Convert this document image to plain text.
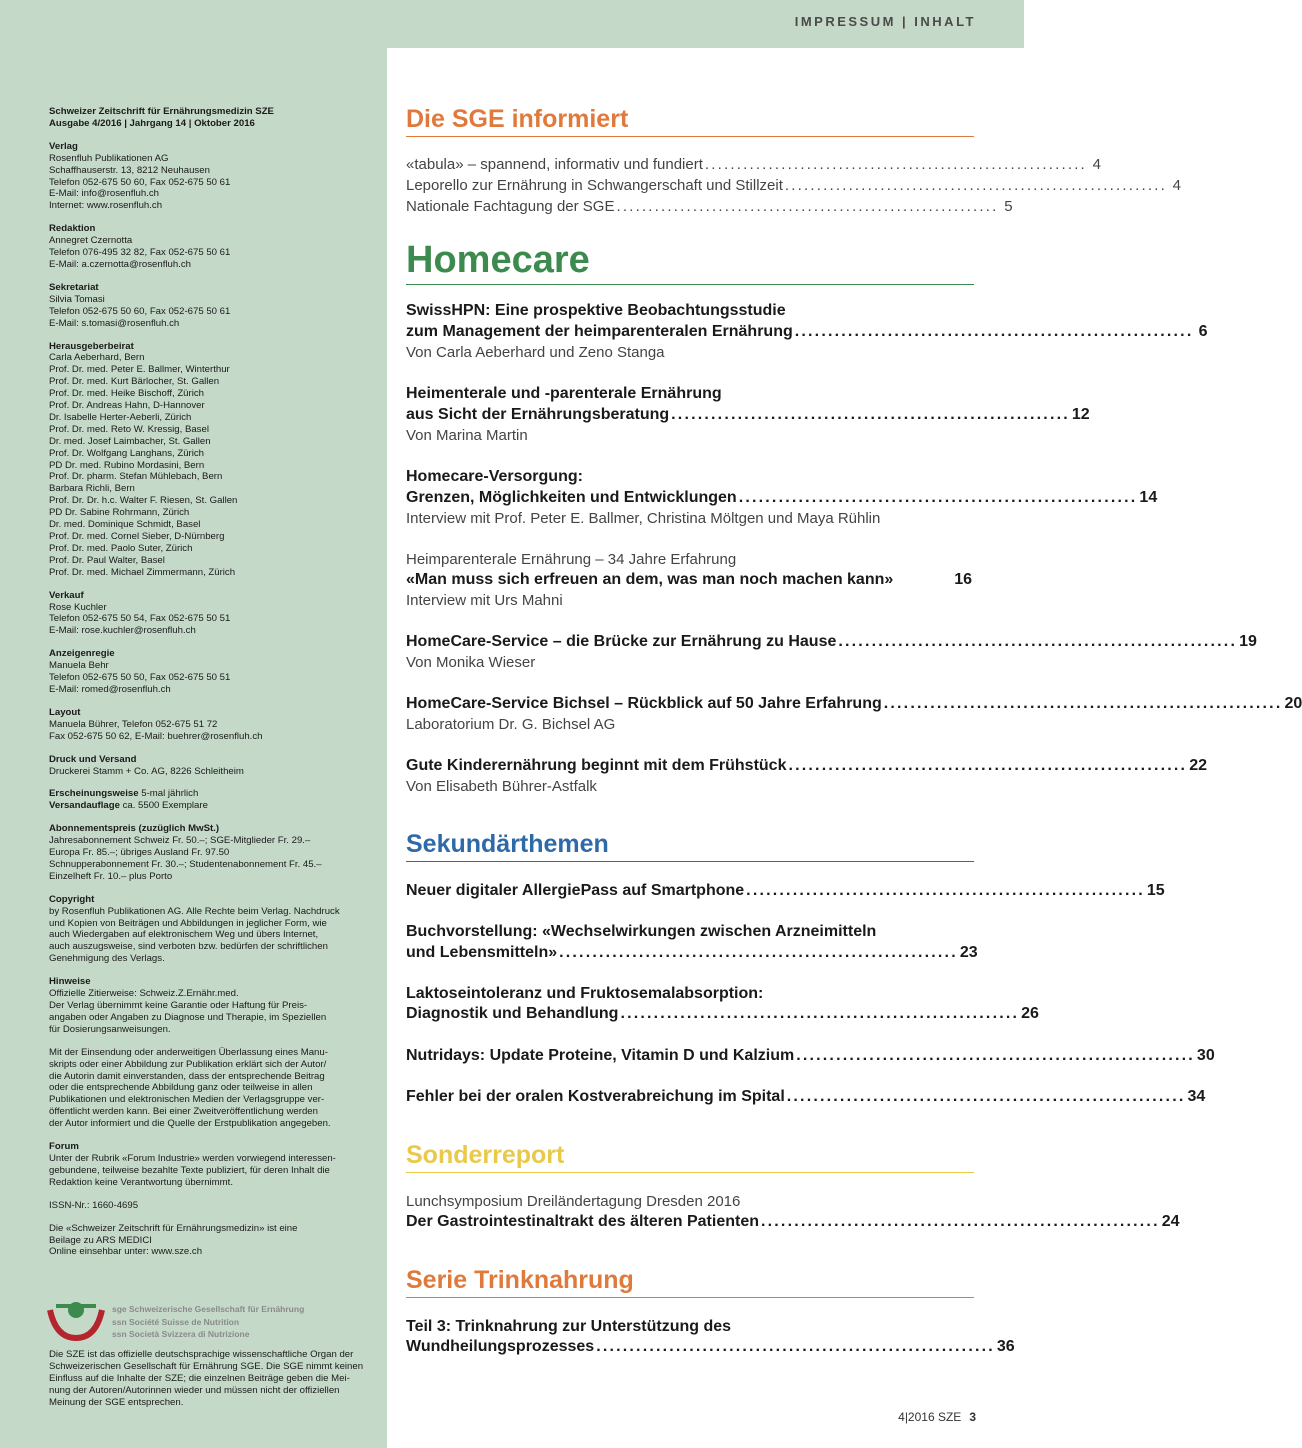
IMPRESSUM | INHALT
Schweizer Zeitschrift für Ernährungsmedizin SZE
Ausgabe 4/2016 | Jahrgang 14 | Oktober 2016
Verlag
Rosenfluh Publikationen AG
Schaffhauserstr. 13, 8212 Neuhausen
Telefon 052-675 50 60, Fax 052-675 50 61
E-Mail: info@rosenfluh.ch
Internet: www.rosenfluh.ch
Redaktion
Annegret Czernotta
Telefon 076-495 32 82, Fax 052-675 50 61
E-Mail: a.czernotta@rosenfluh.ch
Sekretariat
Silvia Tomasi
Telefon 052-675 50 60, Fax 052-675 50 61
E-Mail: s.tomasi@rosenfluh.ch
Herausgeberbeirat
Carla Aeberhard, Bern
Prof. Dr. med. Peter E. Ballmer, Winterthur
Prof. Dr. med. Kurt Bärlocher, St. Gallen
Prof. Dr. med. Heike Bischoff, Zürich
Prof. Dr. Andreas Hahn, D-Hannover
Dr. Isabelle Herter-Aeberli, Zürich
Prof. Dr. med. Reto W. Kressig, Basel
Dr. med. Josef Laimbacher, St. Gallen
Prof. Dr. Wolfgang Langhans, Zürich
PD Dr. med. Rubino Mordasini, Bern
Prof. Dr. pharm. Stefan Mühlebach, Bern
Barbara Richli, Bern
Prof. Dr. Dr. h.c. Walter F. Riesen, St. Gallen
PD Dr. Sabine Rohrmann, Zürich
Dr. med. Dominique Schmidt, Basel
Prof. Dr. med. Cornel Sieber, D-Nürnberg
Prof. Dr. med. Paolo Suter, Zürich
Prof. Dr. Paul Walter, Basel
Prof. Dr. med. Michael Zimmermann, Zürich
Verkauf
Rose Kuchler
Telefon 052-675 50 54, Fax 052-675 50 51
E-Mail: rose.kuchler@rosenfluh.ch
Anzeigenregie
Manuela Behr
Telefon 052-675 50 50, Fax 052-675 50 51
E-Mail: romed@rosenfluh.ch
Layout
Manuela Bührer, Telefon 052-675 51 72
Fax 052-675 50 62, E-Mail: buehrer@rosenfluh.ch
Druck und Versand
Druckerei Stamm + Co. AG, 8226 Schleitheim
Erscheinungsweise 5-mal jährlich
Versandauflage ca. 5500 Exemplare
Abonnementspreis (zuzüglich MwSt.)
Jahresabonnement Schweiz Fr. 50.–; SGE-Mitglieder Fr. 29.–
Europa Fr. 85.–; übriges Ausland Fr. 97.50
Schnupperabonnement Fr. 30.–; Studentenabonnement Fr. 45.–
Einzelheft Fr. 10.– plus Porto
Copyright
by Rosenfluh Publikationen AG. Alle Rechte beim Verlag. Nachdruck
und Kopien von Beiträgen und Abbildungen in jeglicher Form, wie
auch Wiedergaben auf elektronischem Weg und übers Internet,
auch auszugsweise, sind verboten bzw. bedürfen der schriftlichen
Genehmigung des Verlags.
Hinweise
Offizielle Zitierweise: Schweiz.Z.Ernähr.med.
Der Verlag übernimmt keine Garantie oder Haftung für Preis-
angaben oder Angaben zu Diagnose und Therapie, im Speziellen
für Dosierungsanweisungen.
Mit der Einsendung oder anderweitigen Überlassung eines Manu-
skripts oder einer Abbildung zur Publikation erklärt sich der Autor/
die Autorin damit einverstanden, dass der entsprechende Beitrag
oder die entsprechende Abbildung ganz oder teilweise in allen
Publikationen und elektronischen Medien der Verlagsgruppe ver-
öffentlicht werden kann. Bei einer Zweitveröffentlichung werden
der Autor informiert und die Quelle der Erstpublikation angegeben.
Forum
Unter der Rubrik «Forum Industrie» werden vorwiegend interessen-
gebundene, teilweise bezahlte Texte publiziert, für deren Inhalt die
Redaktion keine Verantwortung übernimmt.
ISSN-Nr.: 1660-4695
Die «Schweizer Zeitschrift für Ernährungsmedizin» ist eine
Beilage zu ARS MEDICI
Online einsehbar unter: www.sze.ch
sge Schweizerische Gesellschaft für Ernährung
ssn Société Suisse de Nutrition
ssn Società Svizzera di Nutrizione
Die SZE ist das offizielle deutschsprachige wissenschaftliche Organ der
Schweizerischen Gesellschaft für Ernährung SGE. Die SGE nimmt keinen
Einfluss auf die Inhalte der SZE; die einzelnen Beiträge geben die Mei-
nung der Autoren/Autorinnen wieder und müssen nicht der offiziellen
Meinung der SGE entsprechen.
Die SGE informiert
«tabula» – spannend, informativ und fundiert ............................................................ 4
Leporello zur Ernährung in Schwangerschaft und Stillzeit ............................................................ 4
Nationale Fachtagung der SGE ............................................................ 5
Homecare
SwissHPN: Eine prospektive Beobachtungsstudie
zum Management der heimparenteralen Ernährung ............................................................ 6
Von Carla Aeberhard und Zeno Stanga
Heimenterale und -parenterale Ernährung
aus Sicht der Ernährungsberatung ............................................................ 12
Von Marina Martin
Homecare-Versorgung:
Grenzen, Möglichkeiten und Entwicklungen ............................................................ 14
Interview mit Prof. Peter E. Ballmer, Christina Möltgen und Maya Rühlin
Heimparenterale Ernährung – 34 Jahre Erfahrung
«Man muss sich erfreuen an dem, was man noch machen kann»	16
Interview mit Urs Mahni
HomeCare-Service – die Brücke zur Ernährung zu Hause ............................................................ 19
Von Monika Wieser
HomeCare-Service Bichsel – Rückblick auf 50 Jahre Erfahrung ............................................................ 20
Laboratorium Dr. G. Bichsel AG
Gute Kinderernährung beginnt mit dem Frühstück ............................................................ 22
Von Elisabeth Bührer-Astfalk
Sekundärthemen
Neuer digitaler AllergiePass auf Smartphone ............................................................ 15
Buchvorstellung: «Wechselwirkungen zwischen Arzneimitteln
und Lebensmitteln» ............................................................ 23
Laktoseintoleranz und Fruktosemalabsorption:
Diagnostik und Behandlung ............................................................ 26
Nutridays: Update Proteine, Vitamin D und Kalzium ............................................................ 30
Fehler bei der oralen Kostverabreichung im Spital ............................................................ 34
Sonderreport
Lunchsymposium Dreiländertagung Dresden 2016
Der Gastrointestinaltrakt des älteren Patienten ............................................................ 24
Serie Trinknahrung
Teil 3: Trinknahrung zur Unterstützung des
Wundheilungsprozesses ............................................................ 36
4|2016 SZE 3
